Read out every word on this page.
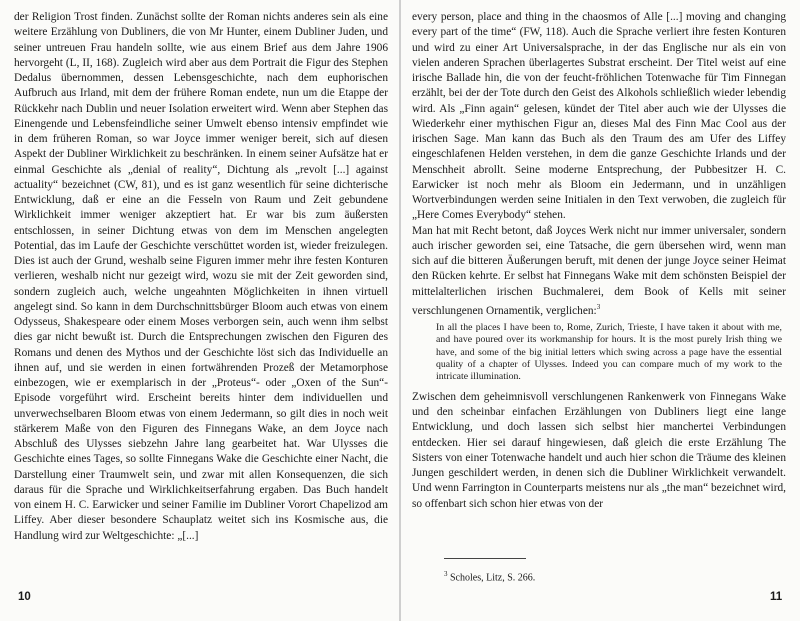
der Religion Trost finden. Zunächst sollte der Roman nichts anderes sein als eine weitere Erzählung von Dubliners, die von Mr Hunter, einem Dubliner Juden, und seiner untreuen Frau handeln sollte, wie aus einem Brief aus dem Jahre 1906 hervorgeht (L, II, 168). Zugleich wird aber aus dem Portrait die Figur des Stephen Dedalus übernommen, dessen Lebensgeschichte, nach dem euphorischen Aufbruch aus Irland, mit dem der frühere Roman endete, nun um die Etappe der Rückkehr nach Dublin und neuer Isolation erweitert wird. Wenn aber Stephen das Einengende und Lebensfeindliche seiner Umwelt ebenso intensiv empfindet wie in dem früheren Roman, so war Joyce immer weniger bereit, sich auf diesen Aspekt der Dubliner Wirklichkeit zu beschränken. In einem seiner Aufsätze hat er einmal Geschichte als „denial of reality“, Dichtung als „revolt [...] against actuality“ bezeichnet (CW, 81), und es ist ganz wesentlich für seine dichterische Entwicklung, daß er eine an die Fesseln von Raum und Zeit gebundene Wirklichkeit immer weniger akzeptiert hat. Er war bis zum äußersten entschlossen, in seiner Dichtung etwas von dem im Menschen angelegten Potential, das im Laufe der Geschichte verschüttet worden ist, wieder freizulegen. Dies ist auch der Grund, weshalb seine Figuren immer mehr ihre festen Konturen verlieren, weshalb nicht nur gezeigt wird, wozu sie mit der Zeit geworden sind, sondern zugleich auch, welche ungeahnten Möglichkeiten in ihnen virtuell angelegt sind. So kann in dem Durchschnittsbürger Bloom auch etwas von einem Odysseus, Shakespeare oder einem Moses verborgen sein, auch wenn ihm selbst dies gar nicht bewußt ist. Durch die Entsprechungen zwischen den Figuren des Romans und denen des Mythos und der Geschichte löst sich das Individuelle an ihnen auf, und sie werden in einen fortwährenden Prozeß der Metamorphose einbezogen, wie er exemplarisch in der „Proteus“- oder „Oxen of the Sun“-Episode vorgeführt wird. Erscheint bereits hinter dem individuellen und unverwechselbaren Bloom etwas von einem Jedermann, so gilt dies in noch weit stärkerem Maße von den Figuren des Finnegans Wake, an dem Joyce nach Abschluß des Ulysses siebzehn Jahre lang gearbeitet hat. War Ulysses die Geschichte eines Tages, so sollte Finnegans Wake die Geschichte einer Nacht, die Darstellung einer Traumwelt sein, und zwar mit allen Konsequenzen, die sich daraus für die Sprache und Wirklichkeitserfahrung ergaben. Das Buch handelt von einem H. C. Earwicker und seiner Familie im Dubliner Vorort Chapelizod am Liffey. Aber dieser besondere Schauplatz weitet sich ins Kosmische aus, die Handlung wird zur Weltgeschichte: „[...]

every person, place and thing in the chaosmos of Alle [...] moving and changing every part of the time“ (FW, 118). Auch die Sprache verliert ihre festen Konturen und wird zu einer Art Universalsprache, in der das Englische nur als ein von vielen anderen Sprachen überlagertes Substrat erscheint. Der Titel weist auf eine irische Ballade hin, die von der feucht-fröhlichen Totenwache für Tim Finnegan erzählt, bei der der Tote durch den Geist des Alkohols schließlich wieder lebendig wird. Als „Finn again“ gelesen, kündet der Titel aber auch wie der Ulysses die Wiederkehr einer mythischen Figur an, dieses Mal des Finn Mac Cool aus der irischen Sage. Man kann das Buch als den Traum des am Ufer des Liffey eingeschlafenen Helden verstehen, in dem die ganze Geschichte Irlands und der Menschheit abrollt. Seine moderne Entsprechung, der Pubbesitzer H. C. Earwicker ist noch mehr als Bloom ein Jedermann, und in unzähligen Wortverbindungen werden seine Initialen in den Text verwoben, die zugleich für „Here Comes Everybody“ stehen.

Man hat mit Recht betont, daß Joyces Werk nicht nur immer universaler, sondern auch irischer geworden sei, eine Tatsache, die gern übersehen wird, wenn man sich auf die bitteren Äußerungen beruft, mit denen der junge Joyce seiner Heimat den Rücken kehrte. Er selbst hat Finnegans Wake mit dem schönsten Beispiel der mittelalterlichen irischen Buchmalerei, dem Book of Kells mit seiner verschlungenen Ornamentik, verglichen:$^3$

In all the places I have been to, Rome, Zurich, Trieste, I have taken it about with me, and have poured over its workmanship for hours. It is the most purely Irish thing we have, and some of the big initial letters which swing across a page have the essential quality of a chapter of Ulysses. Indeed you can compare much of my work to the intricate illumination.

Zwischen dem geheimnisvoll verschlungenen Rankenwerk von Finnegans Wake und den scheinbar einfachen Erzählungen von Dubliners liegt eine lange Entwicklung, und doch lassen sich selbst hier manchertei Verbindungen entdecken. Hier sei darauf hingewiesen, daß gleich die erste Erzählung The Sisters von einer Totenwache handelt und auch hier schon die Träume des kleinen Jungen geschildert werden, in denen sich die Dubliner Wirklichkeit verwandelt. Und wenn Farrington in Counterparts meistens nur als „the man“ bezeichnet wird, so offenbart sich schon hier etwas von der

$^3$ Scholes, Litz, S. 266.
10	11
